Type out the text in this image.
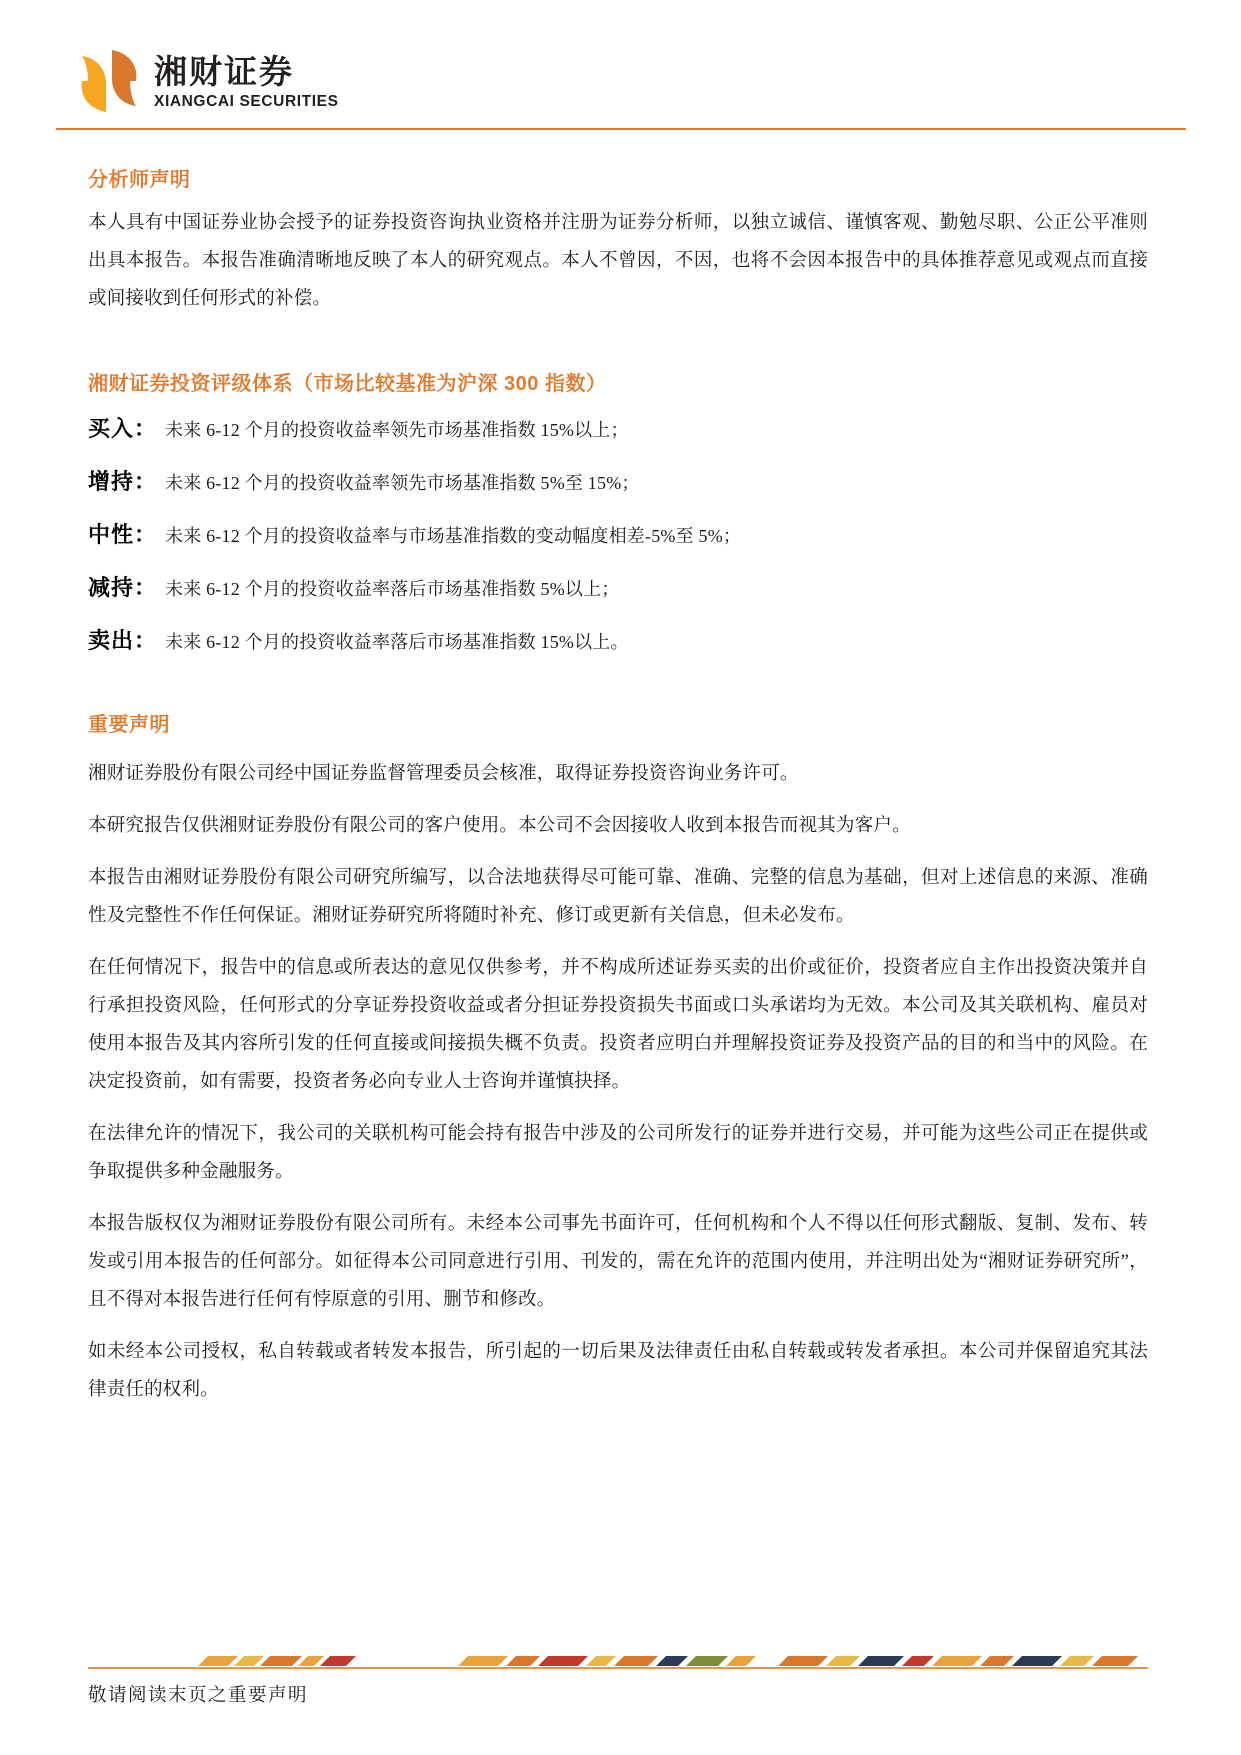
湘财证券
XIANGCAI SECURITIES
分析师声明

本人具有中国证券业协会授予的证券投资咨询执业资格并注册为证券分析师，以独立诚信、谨慎客观、勤勉尽职、公正公平准则出具本报告。本报告准确清晰地反映了本人的研究观点。本人不曾因，不因，也将不会因本报告中的具体推荐意见或观点而直接或间接收到任何形式的补偿。

湘财证券投资评级体系（市场比较基准为沪深 300 指数）
买入： 未来 6-12 个月的投资收益率领先市场基准指数 15%以上；
增持： 未来 6-12 个月的投资收益率领先市场基准指数 5%至 15%；
中性： 未来 6-12 个月的投资收益率与市场基准指数的变动幅度相差-5%至 5%；
减持： 未来 6-12 个月的投资收益率落后市场基准指数 5%以上；
卖出： 未来 6-12 个月的投资收益率落后市场基准指数 15%以上。
重要声明

湘财证券股份有限公司经中国证券监督管理委员会核准，取得证券投资咨询业务许可。

本研究报告仅供湘财证券股份有限公司的客户使用。本公司不会因接收人收到本报告而视其为客户。

本报告由湘财证券股份有限公司研究所编写，以合法地获得尽可能可靠、准确、完整的信息为基础，但对上述信息的来源、准确性及完整性不作任何保证。湘财证券研究所将随时补充、修订或更新有关信息，但未必发布。

在任何情况下，报告中的信息或所表达的意见仅供参考，并不构成所述证券买卖的出价或征价，投资者应自主作出投资决策并自行承担投资风险，任何形式的分享证券投资收益或者分担证券投资损失书面或口头承诺均为无效。本公司及其关联机构、雇员对使用本报告及其内容所引发的任何直接或间接损失概不负责。投资者应明白并理解投资证券及投资产品的目的和当中的风险。在决定投资前，如有需要，投资者务必向专业人士咨询并谨慎抉择。

在法律允许的情况下，我公司的关联机构可能会持有报告中涉及的公司所发行的证券并进行交易，并可能为这些公司正在提供或争取提供多种金融服务。

本报告版权仅为湘财证券股份有限公司所有。未经本公司事先书面许可，任何机构和个人不得以任何形式翻版、复制、发布、转发或引用本报告的任何部分。如征得本公司同意进行引用、刊发的，需在允许的范围内使用，并注明出处为“湘财证券研究所”，且不得对本报告进行任何有悖原意的引用、删节和修改。

如未经本公司授权，私自转载或者转发本报告，所引起的一切后果及法律责任由私自转载或转发者承担。本公司并保留追究其法律责任的权利。

敬请阅读末页之重要声明
